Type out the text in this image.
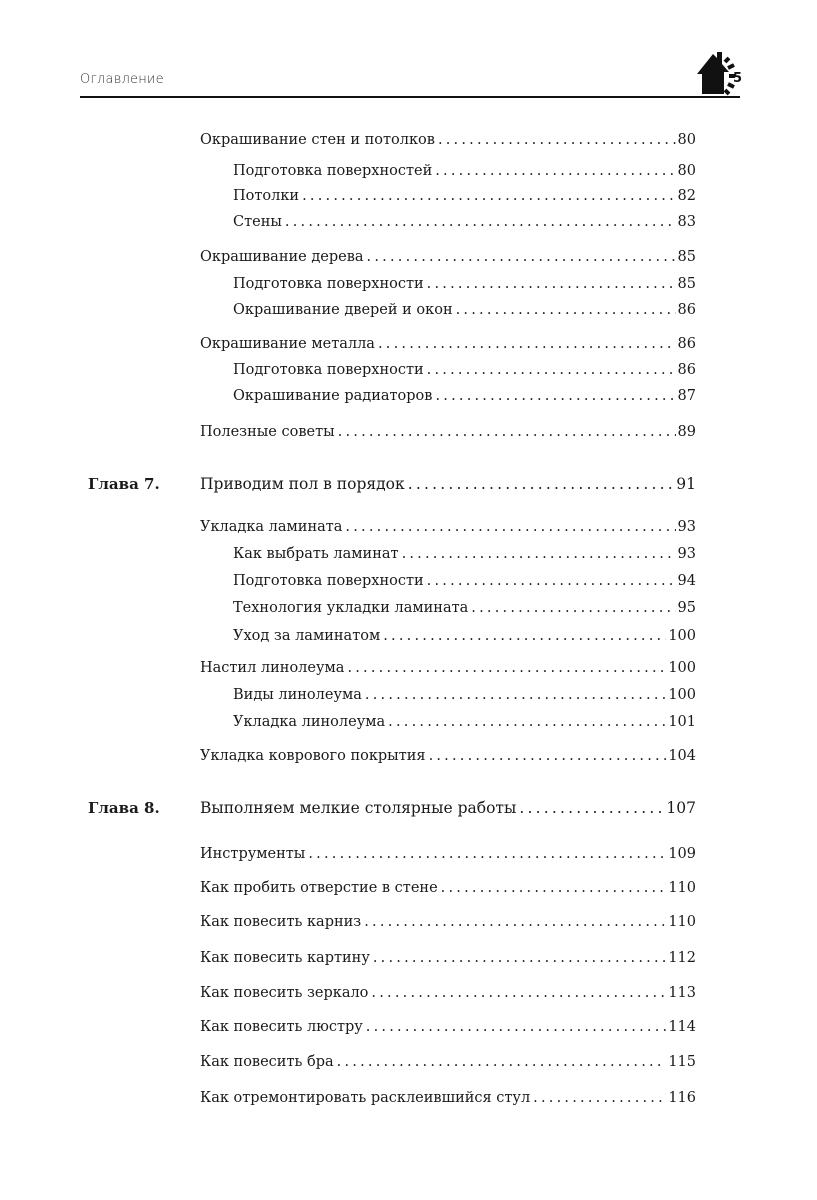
Оглавление	5
Окрашивание стен и потолков .....	80
Подготовка поверхностей .....	80
Потолки .....	82
Стены .....	83
Окрашивание дерева .....	85
Подготовка поверхности .....	85
Окрашивание дверей и окон .....	86
Окрашивание металла .....	86
Подготовка поверхности .....	86
Окрашивание радиаторов .....	87
Полезные советы .....	89
Глава 7.	Приводим пол в порядок .....	91
Укладка ламината .....	93
Как выбрать ламинат .....	93
Подготовка поверхности .....	94
Технология укладки ламината .....	95
Уход за ламинатом .....	100
Настил линолеума .....	100
Виды линолеума .....	100
Укладка линолеума .....	101
Укладка коврового покрытия .....	104
Глава 8.	Выполняем мелкие столярные работы .....	107
Инструменты .....	109
Как пробить отверстие в стене .....	110
Как повесить карниз .....	110
Как повесить картину .....	112
Как повесить зеркало .....	113
Как повесить люстру .....	114
Как повесить бра .....	115
Как отремонтировать расклеившийся стул .....	116
